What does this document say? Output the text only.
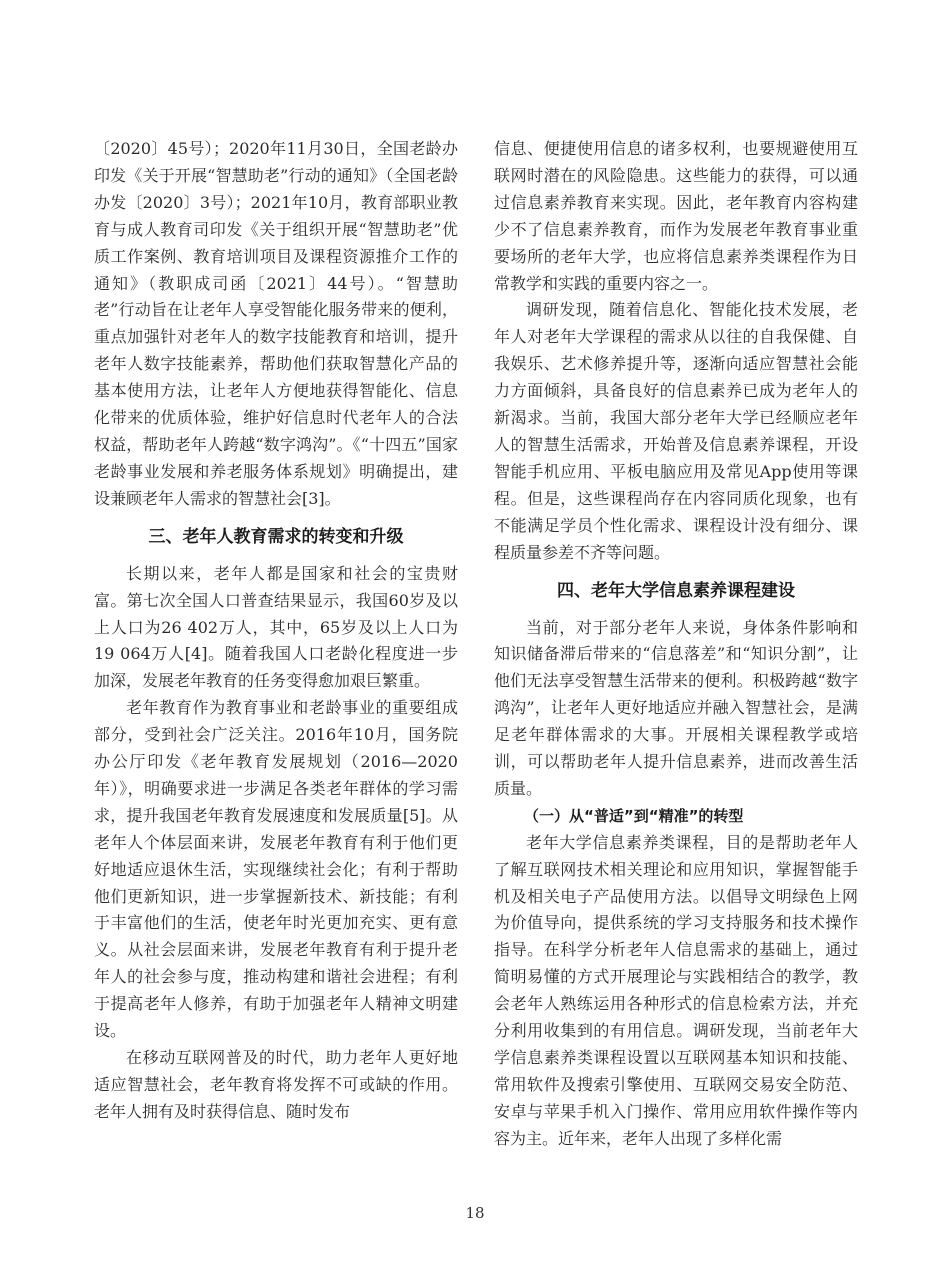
〔2020〕45号）；2020年11月30日，全国老龄办印发《关于开展“智慧助老”行动的通知》（全国老龄办发〔2020〕3号）；2021年10月，教育部职业教育与成人教育司印发《关于组织开展“智慧助老”优质工作案例、教育培训项目及课程资源推介工作的通知》（教职成司函〔2021〕44号）。“智慧助老”行动旨在让老年人享受智能化服务带来的便利，重点加强针对老年人的数字技能教育和培训，提升老年人数字技能素养，帮助他们获取智慧化产品的基本使用方法，让老年人方便地获得智能化、信息化带来的优质体验，维护好信息时代老年人的合法权益，帮助老年人跨越“数字鸿沟”。《“十四五”国家老龄事业发展和养老服务体系规划》明确提出，建设兼顾老年人需求的智慧社会[3]。

三、老年人教育需求的转变和升级

长期以来，老年人都是国家和社会的宝贵财富。第七次全国人口普查结果显示，我国60岁及以上人口为26 402万人，其中，65岁及以上人口为19 064万人[4]。随着我国人口老龄化程度进一步加深，发展老年教育的任务变得愈加艰巨繁重。

老年教育作为教育事业和老龄事业的重要组成部分，受到社会广泛关注。2016年10月，国务院办公厅印发《老年教育发展规划（2016—2020年）》，明确要求进一步满足各类老年群体的学习需求，提升我国老年教育发展速度和发展质量[5]。从老年人个体层面来讲，发展老年教育有利于他们更好地适应退休生活，实现继续社会化；有利于帮助他们更新知识，进一步掌握新技术、新技能；有利于丰富他们的生活，使老年时光更加充实、更有意义。从社会层面来讲，发展老年教育有利于提升老年人的社会参与度，推动构建和谐社会进程；有利于提高老年人修养，有助于加强老年人精神文明建设。

在移动互联网普及的时代，助力老年人更好地适应智慧社会，老年教育将发挥不可或缺的作用。老年人拥有及时获得信息、随时发布

信息、便捷使用信息的诸多权利，也要规避使用互联网时潜在的风险隐患。这些能力的获得，可以通过信息素养教育来实现。因此，老年教育内容构建少不了信息素养教育，而作为发展老年教育事业重要场所的老年大学，也应将信息素养类课程作为日常教学和实践的重要内容之一。

调研发现，随着信息化、智能化技术发展，老年人对老年大学课程的需求从以往的自我保健、自我娱乐、艺术修养提升等，逐渐向适应智慧社会能力方面倾斜，具备良好的信息素养已成为老年人的新渴求。当前，我国大部分老年大学已经顺应老年人的智慧生活需求，开始普及信息素养课程，开设智能手机应用、平板电脑应用及常见App使用等课程。但是，这些课程尚存在内容同质化现象，也有不能满足学员个性化需求、课程设计没有细分、课程质量参差不齐等问题。

四、老年大学信息素养课程建设

当前，对于部分老年人来说，身体条件影响和知识储备滞后带来的“信息落差”和“知识分割”，让他们无法享受智慧生活带来的便利。积极跨越“数字鸿沟”，让老年人更好地适应并融入智慧社会，是满足老年群体需求的大事。开展相关课程教学或培训，可以帮助老年人提升信息素养，进而改善生活质量。

（一）从“普适”到“精准”的转型

老年大学信息素养类课程，目的是帮助老年人了解互联网技术相关理论和应用知识，掌握智能手机及相关电子产品使用方法。以倡导文明绿色上网为价值导向，提供系统的学习支持服务和技术操作指导。在科学分析老年人信息需求的基础上，通过简明易懂的方式开展理论与实践相结合的教学，教会老年人熟练运用各种形式的信息检索方法，并充分利用收集到的有用信息。调研发现，当前老年大学信息素养类课程设置以互联网基本知识和技能、常用软件及搜索引擎使用、互联网交易安全防范、安卓与苹果手机入门操作、常用应用软件操作等内容为主。近年来，老年人出现了多样化需

18
